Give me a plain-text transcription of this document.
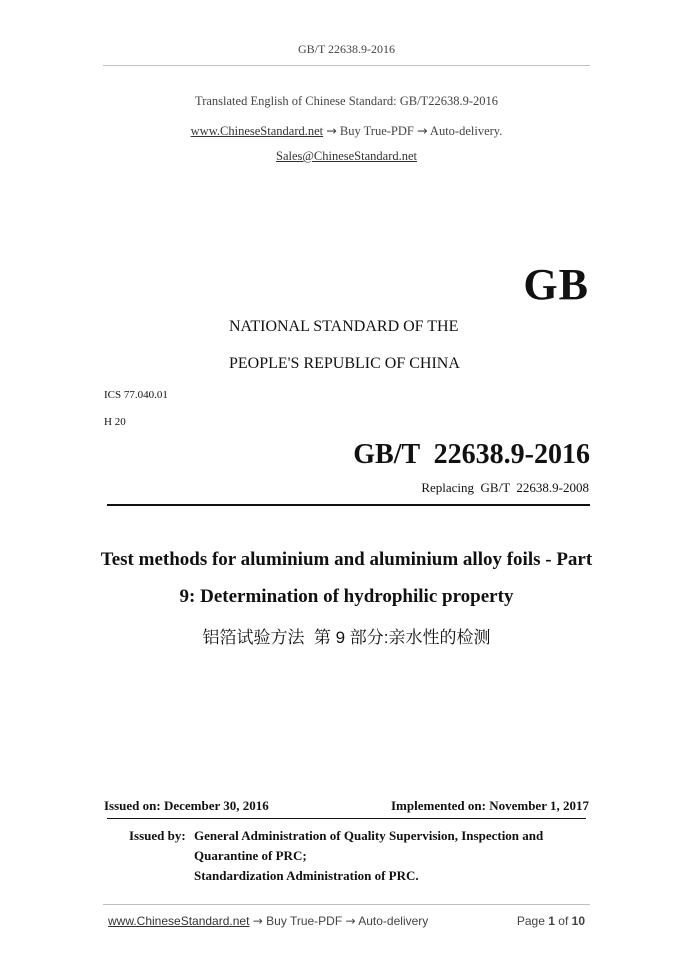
GB/T 22638.9-2016
Translated English of Chinese Standard: GB/T22638.9-2016
www.ChineseStandard.net → Buy True-PDF → Auto-delivery.
Sales@ChineseStandard.net
GB
NATIONAL STANDARD OF THE
PEOPLE'S REPUBLIC OF CHINA
ICS 77.040.01
H 20
GB/T  22638.9-2016
Replacing  GB/T  22638.9-2008
Test methods for aluminium and aluminium alloy foils - Part
9: Determination of hydrophilic property
铝箔试验方法  第 9 部分:亲水性的检测
Issued on: December 30, 2016	Implemented on: November 1, 2017
Issued by: General Administration of Quality Supervision, Inspection and
Quarantine of PRC;
Standardization Administration of PRC.
www.ChineseStandard.net → Buy True-PDF → Auto-delivery	Page 1 of 10
